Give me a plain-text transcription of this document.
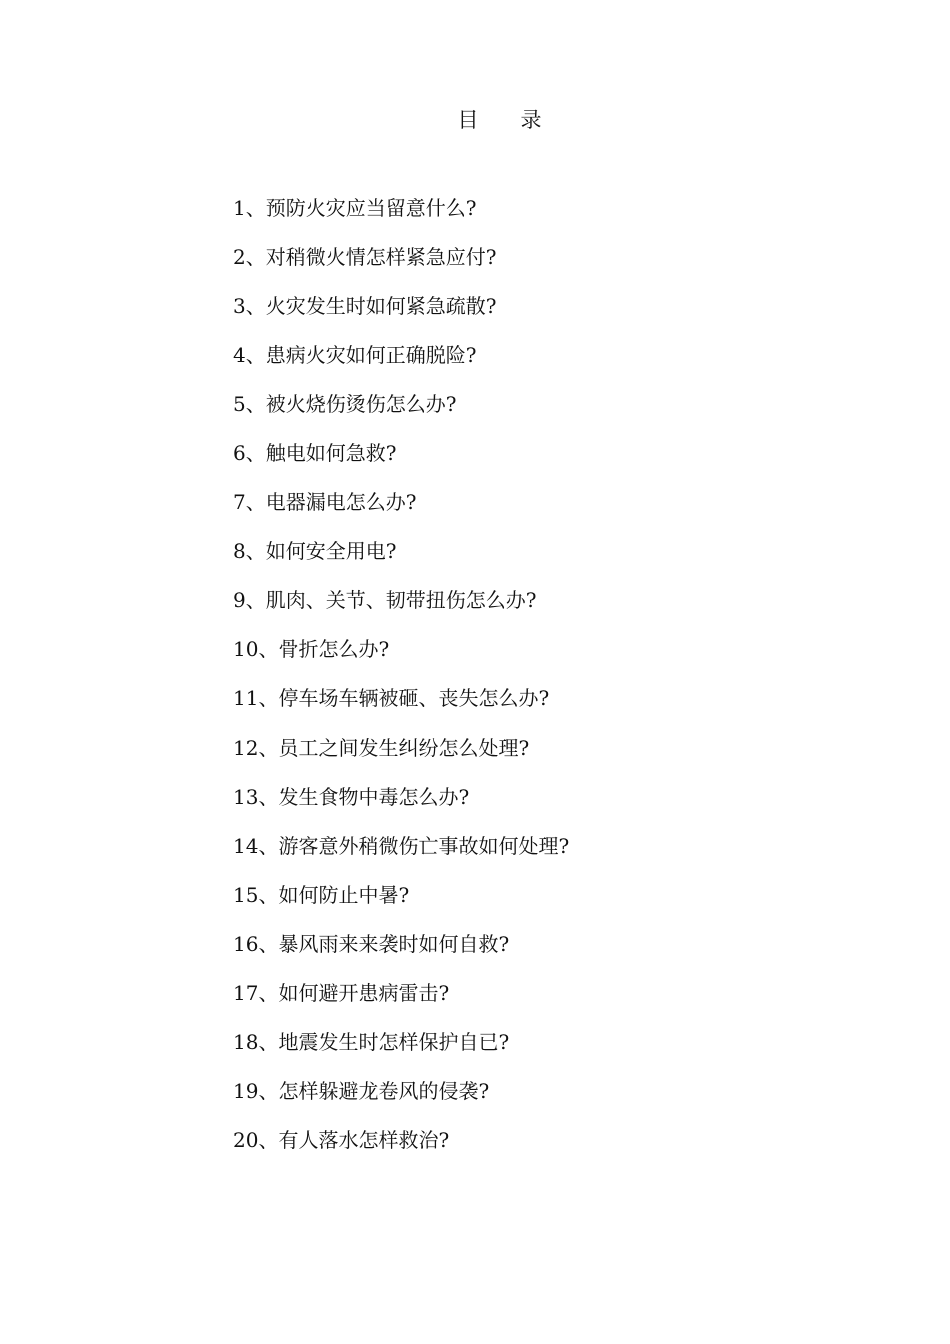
目 录
1、预防火灾应当留意什么?
2、对稍微火情怎样紧急应付?
3、火灾发生时如何紧急疏散?
4、患病火灾如何正确脱险?
5、被火烧伤烫伤怎么办?
6、触电如何急救?
7、电器漏电怎么办?
8、如何安全用电?
9、肌肉、关节、韧带扭伤怎么办?
10、骨折怎么办?
11、停车场车辆被砸、丧失怎么办?
12、员工之间发生纠纷怎么处理?
13、发生食物中毒怎么办?
14、游客意外稍微伤亡事故如何处理?
15、如何防止中暑?
16、暴风雨来来袭时如何自救?
17、如何避开患病雷击?
18、地震发生时怎样保护自已?
19、怎样躲避龙卷风的侵袭?
20、有人落水怎样救治?
